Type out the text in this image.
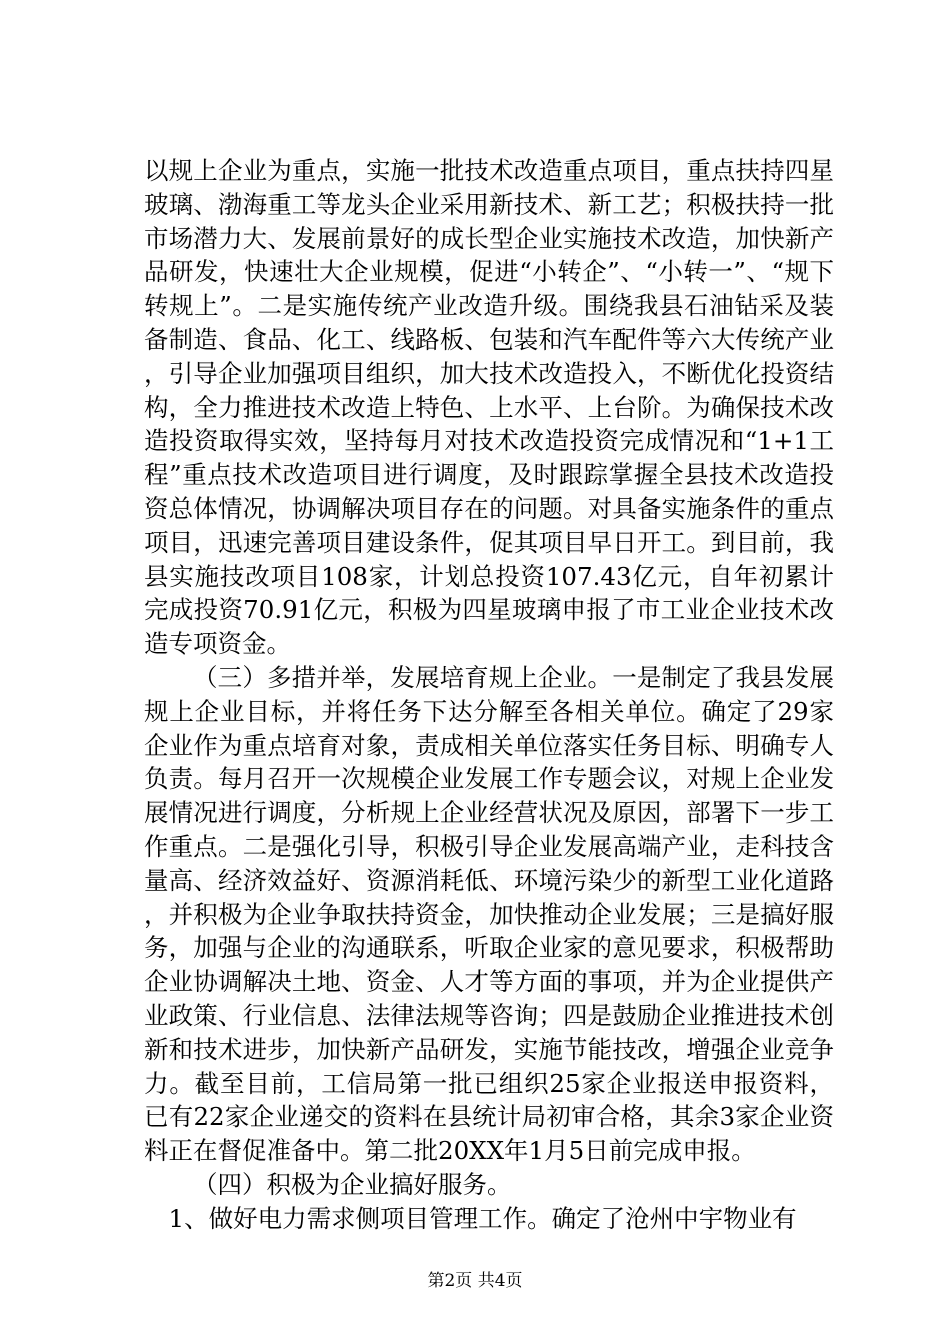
以规上企业为重点，实施一批技术改造重点项目，重点扶持四星玻璃、渤海重工等龙头企业采用新技术、新工艺；积极扶持一批市场潜力大、发展前景好的成长型企业实施技术改造，加快新产品研发，快速壮大企业规模，促进“小转企”、“小转一”、“规下转规上”。二是实施传统产业改造升级。围绕我县石油钻采及装备制造、食品、化工、线路板、包装和汽车配件等六大传统产业，引导企业加强项目组织，加大技术改造投入，不断优化投资结构，全力推进技术改造上特色、上水平、上台阶。为确保技术改造投资取得实效，坚持每月对技术改造投资完成情况和“1+1工程”重点技术改造项目进行调度，及时跟踪掌握全县技术改造投资总体情况，协调解决项目存在的问题。对具备实施条件的重点项目，迅速完善项目建设条件，促其项目早日开工。到目前，我县实施技改项目108家，计划总投资107.43亿元，自年初累计完成投资70.91亿元，积极为四星玻璃申报了市工业企业技术改造专项资金。

（三）多措并举，发展培育规上企业。一是制定了我县发展规上企业目标，并将任务下达分解至各相关单位。确定了29家企业作为重点培育对象，责成相关单位落实任务目标、明确专人负责。每月召开一次规模企业发展工作专题会议，对规上企业发展情况进行调度，分析规上企业经营状况及原因，部署下一步工作重点。二是强化引导，积极引导企业发展高端产业，走科技含量高、经济效益好、资源消耗低、环境污染少的新型工业化道路，并积极为企业争取扶持资金，加快推动企业发展；三是搞好服务，加强与企业的沟通联系，听取企业家的意见要求，积极帮助企业协调解决土地、资金、人才等方面的事项，并为企业提供产业政策、行业信息、法律法规等咨询；四是鼓励企业推进技术创新和技术进步，加快新产品研发，实施节能技改，增强企业竞争力。截至目前，工信局第一批已组织25家企业报送申报资料，已有22家企业递交的资料在县统计局初审合格，其余3家企业资料正在督促准备中。第二批20XX年1月5日前完成申报。

（四）积极为企业搞好服务。

1、做好电力需求侧项目管理工作。确定了沧州中宇物业有

第2页 共4页
